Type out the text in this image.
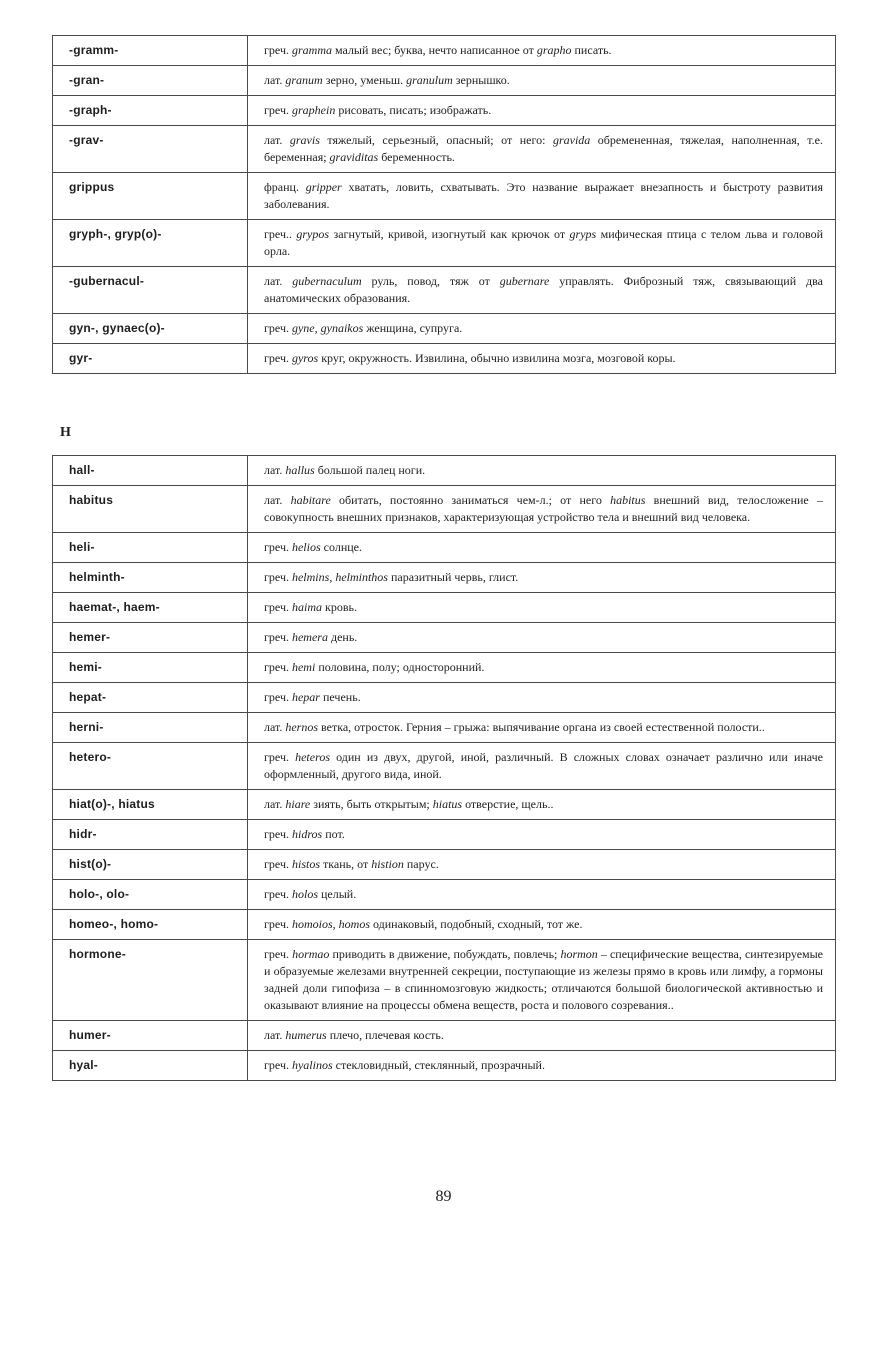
-gramm-	греч. gramma малый вес; буква, нечто написанное от grapho писать.
-gran-	лат. granum зерно, уменьш. granulum зернышко.
-graph-	греч. graphein рисовать, писать; изображать.
-grav-	лат. gravis тяжелый, серьезный, опасный; от него: gravida обремененная, тяжелая, наполненная, т.е. беременная; graviditas беременность.
grippus	франц. gripper хватать, ловить, схватывать. Это название выражает внезапность и быстроту развития заболевания.
gryph-, gryp(o)-	греч.. grypos загнутый, кривой, изогнутый как крючок от gryps мифическая птица с телом льва и головой орла.
-gubernacul-	лат. gubernaculum руль, повод, тяж от gubernare управлять. Фиброзный тяж, связывающий два анатомических образования.
gyn-, gynaec(o)-	греч. gyne, gynaikos женщина, супруга.
gyr-	греч. gyros круг, окружность. Извилина, обычно извилина мозга, мозговой коры.
H
hall-	лат. hallus большой палец ноги.
habitus	лат. habitare обитать, постоянно заниматься чем-л.; от него habitus внешний вид, телосложение – совокупность внешних признаков, характеризующая устройство тела и внешний вид человека.
heli-	греч. helios солнце.
helminth-	греч. helmins, helminthos паразитный червь, глист.
haemat-, haem-	греч. haima кровь.
hemer-	греч. hemera день.
hemi-	греч. hemi половина, полу; односторонний.
hepat-	греч. hepar печень.
herni-	лат. hernos ветка, отросток. Герния – грыжа: выпячивание органа из своей естественной полости..
hetero-	греч. heteros один из двух, другой, иной, различный. В сложных словах означает различно или иначе оформленный, другого вида, иной.
hiat(o)-, hiatus	лат. hiare зиять, быть открытым; hiatus отверстие, щель..
hidr-	греч. hidros пот.
hist(o)-	греч. histos ткань, от histion парус.
holo-, olo-	греч. holos целый.
homeo-, homo-	греч. homoios, homos одинаковый, подобный, сходный, тот же.
hormone-	греч. hormao приводить в движение, побуждать, повлечь; hormon – специфические вещества, синтезируемые и образуемые железами внутренней секреции, поступающие из железы прямо в кровь или лимфу, а гормоны задней доли гипофиза – в спинномозговую жидкость; отличаются большой биологической активностью и оказывают влияние на процессы обмена веществ, роста и полового созревания..
humer-	лат. humerus плечо, плечевая кость.
hyal-	греч. hyalinos стекловидный, стеклянный, прозрачный.
89
